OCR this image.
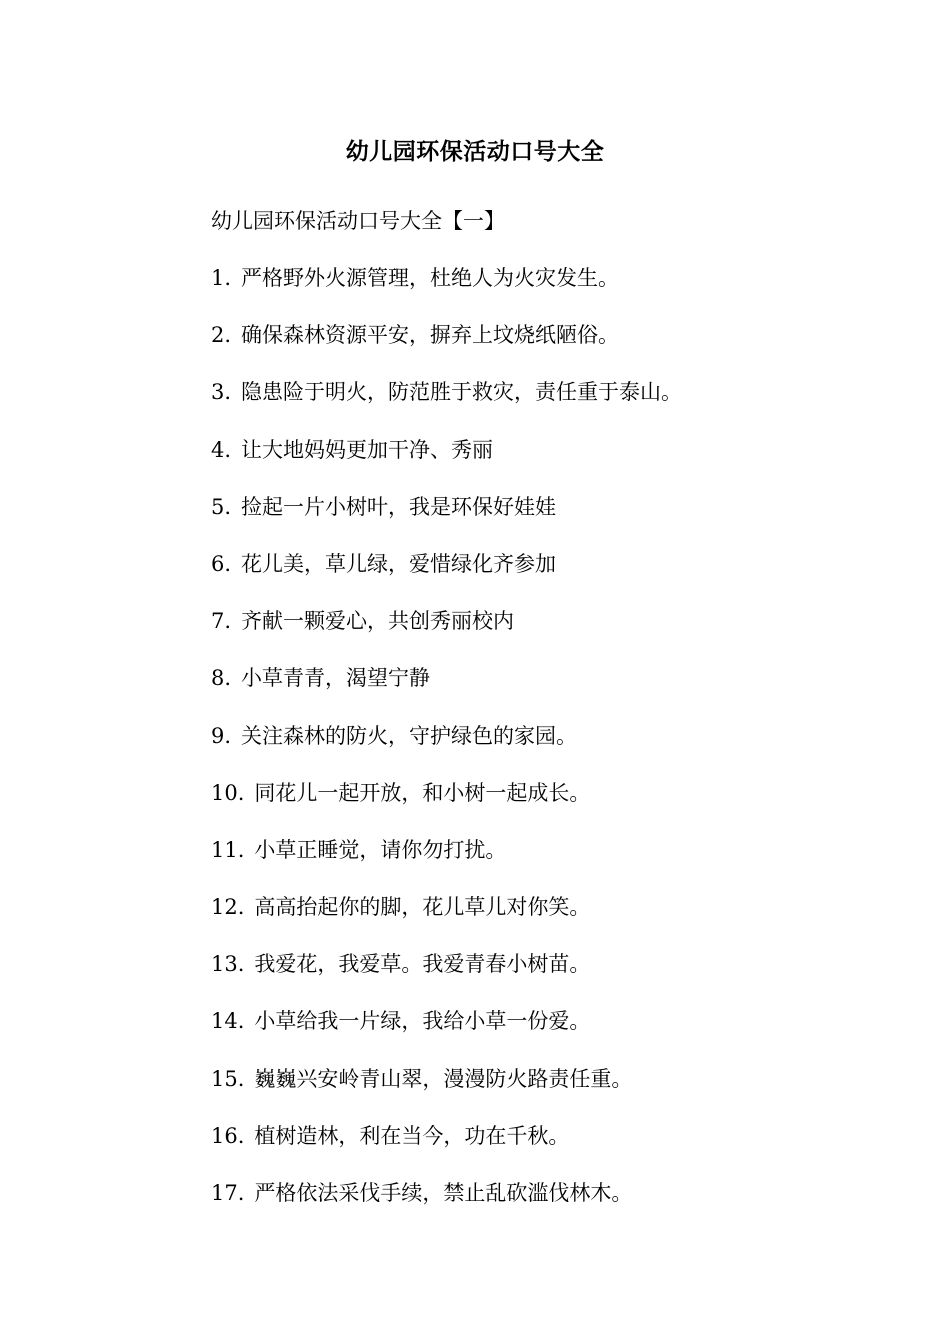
幼儿园环保活动口号大全
幼儿园环保活动口号大全【一】
1. 严格野外火源管理，杜绝人为火灾发生。
2. 确保森林资源平安，摒弃上坟烧纸陋俗。
3. 隐患险于明火，防范胜于救灾，责任重于泰山。
4. 让大地妈妈更加干净、秀丽
5. 捡起一片小树叶，我是环保好娃娃
6. 花儿美，草儿绿，爱惜绿化齐参加
7. 齐献一颗爱心，共创秀丽校内
8. 小草青青，渴望宁静
9. 关注森林的防火，守护绿色的家园。
10. 同花儿一起开放，和小树一起成长。
11. 小草正睡觉，请你勿打扰。
12. 高高抬起你的脚，花儿草儿对你笑。
13. 我爱花，我爱草。我爱青春小树苗。
14. 小草给我一片绿，我给小草一份爱。
15. 巍巍兴安岭青山翠，漫漫防火路责任重。
16. 植树造林，利在当今，功在千秋。
17. 严格依法采伐手续，禁止乱砍滥伐林木。
